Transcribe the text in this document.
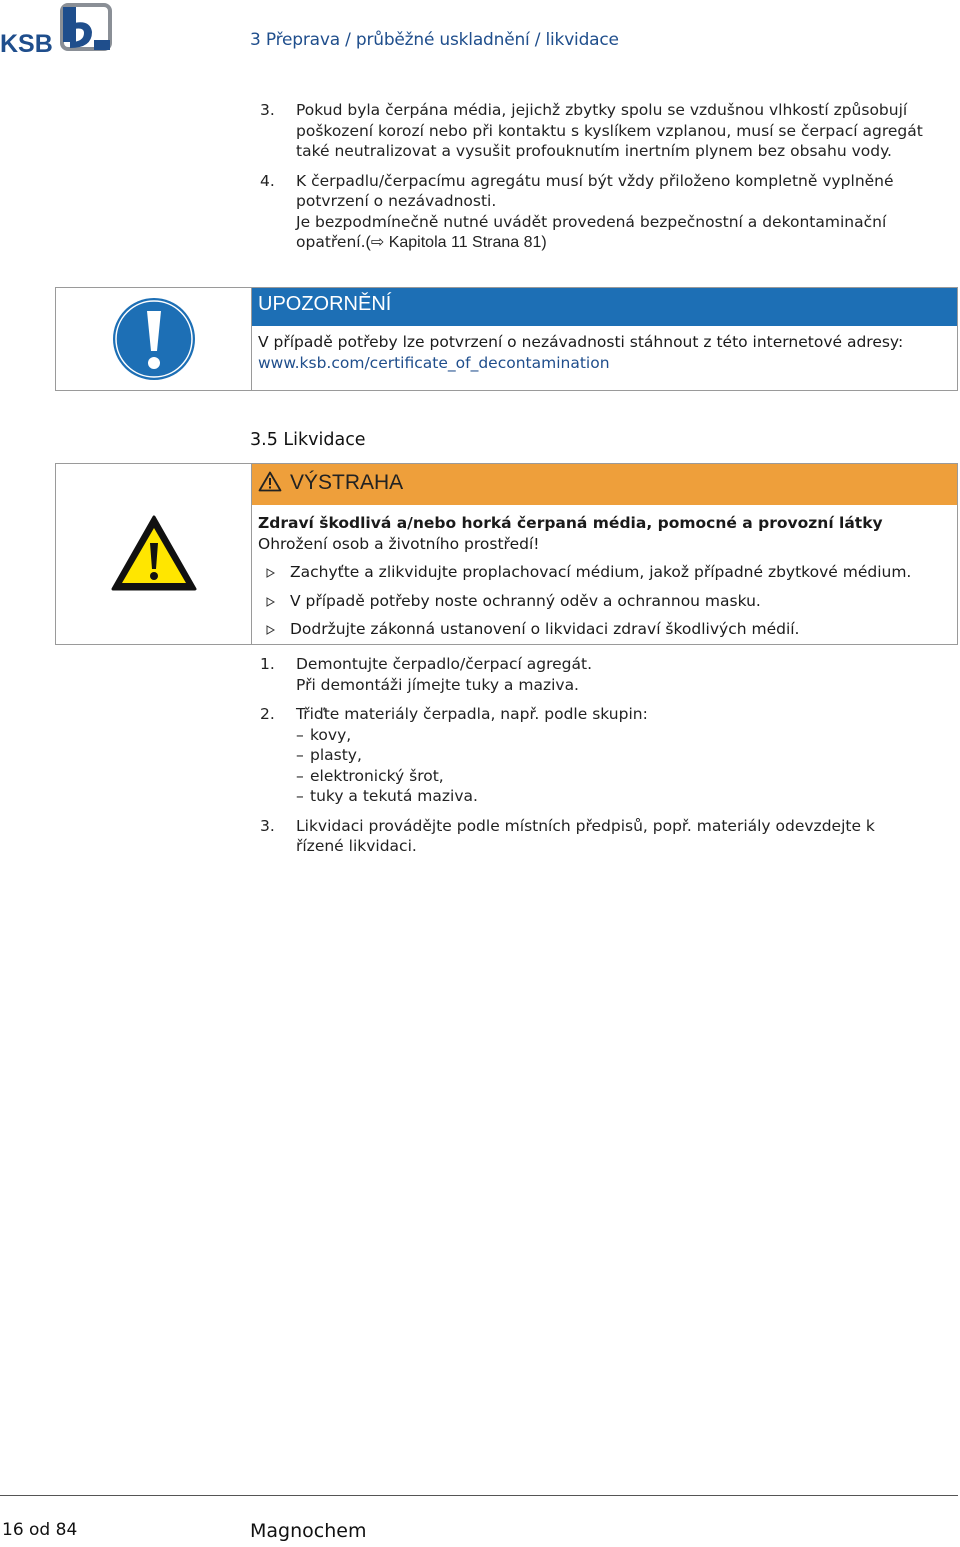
KSB	3 Přeprava / průběžné uskladnění / likvidace
3. Pokud byla čerpána média, jejichž zbytky spolu se vzdušnou vlhkostí způsobují poškození korozí nebo při kontaktu s kyslíkem vzplanou, musí se čerpací agregát také neutralizovat a vysušit profouknutím inertním plynem bez obsahu vody.
4. K čerpadlu/čerpacímu agregátu musí být vždy přiloženo kompletně vyplněné potvrzení o nezávadnosti.
Je bezpodmínečně nutné uvádět provedená bezpečnostní a dekontaminační opatření.(⇨ Kapitola 11 Strana 81)
UPOZORNĚNÍ
V případě potřeby lze potvrzení o nezávadnosti stáhnout z této internetové adresy:
www.ksb.com/certificate_of_decontamination
3.5 Likvidace
VÝSTRAHA
Zdraví škodlivá a/nebo horká čerpaná média, pomocné a provozní látky
Ohrožení osob a životního prostředí!
Zachyťte a zlikvidujte proplachovací médium, jakož případné zbytkové médium.
V případě potřeby noste ochranný oděv a ochrannou masku.
Dodržujte zákonná ustanovení o likvidaci zdraví škodlivých médií.
1. Demontujte čerpadlo/čerpací agregát.
Při demontáži jímejte tuky a maziva.
2. Třiďte materiály čerpadla, např. podle skupin:
– kovy,
– plasty,
– elektronický šrot,
– tuky a tekutá maziva.
3. Likvidaci provádějte podle místních předpisů, popř. materiály odevzdejte k řízené likvidaci.
16 od 84	Magnochem
